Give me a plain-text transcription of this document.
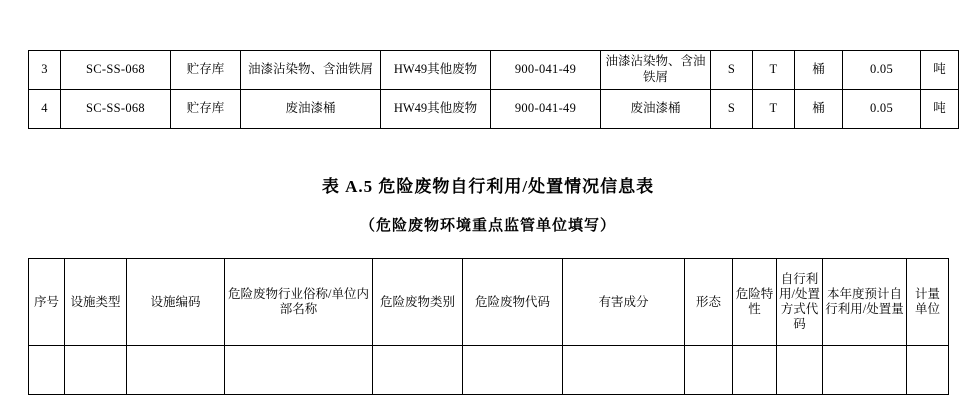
3	SC-SS-068	贮存库	油漆沾染物、含油铁屑	HW49其他废物	900-041-49	油漆沾染物、含油铁屑	S	T	桶	0.05	吨
4	SC-SS-068	贮存库	废油漆桶	HW49其他废物	900-041-49	废油漆桶	S	T	桶	0.05	吨
表 A.5 危险废物自行利用/处置情况信息表
（危险废物环境重点监管单位填写）
序号	设施类型	设施编码	危险废物行业俗称/单位内部名称	危险废物类别	危险废物代码	有害成分	形态	危险特性	自行利用/处置方式代码	本年度预计自行利用/处置量	计量单位
